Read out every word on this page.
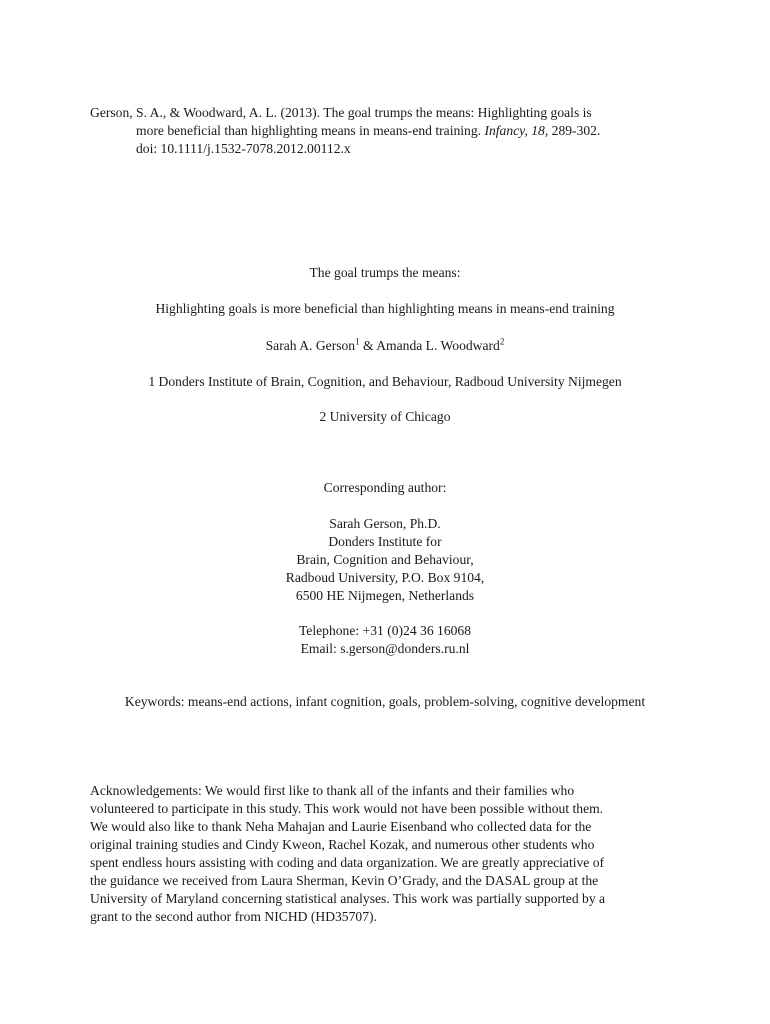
Gerson, S. A., & Woodward, A. L. (2013). The goal trumps the means: Highlighting goals is
more beneficial than highlighting means in means-end training. Infancy, 18, 289-302.
doi: 10.1111/j.1532-7078.2012.00112.x
The goal trumps the means:
Highlighting goals is more beneficial than highlighting means in means-end training
Sarah A. Gerson$^1$ & Amanda L. Woodward$^2$
1 Donders Institute of Brain, Cognition, and Behaviour, Radboud University Nijmegen
2 University of Chicago
Corresponding author:
Sarah Gerson, Ph.D.
Donders Institute for
Brain, Cognition and Behaviour,
Radboud University, P.O. Box 9104,
6500 HE Nijmegen, Netherlands
Telephone: +31 (0)24 36 16068
Email: s.gerson@donders.ru.nl
Keywords: means-end actions, infant cognition, goals, problem-solving, cognitive development
Acknowledgements: We would first like to thank all of the infants and their families who
volunteered to participate in this study. This work would not have been possible without them.
We would also like to thank Neha Mahajan and Laurie Eisenband who collected data for the
original training studies and Cindy Kweon, Rachel Kozak, and numerous other students who
spent endless hours assisting with coding and data organization. We are greatly appreciative of
the guidance we received from Laura Sherman, Kevin O’Grady, and the DASAL group at the
University of Maryland concerning statistical analyses. This work was partially supported by a
grant to the second author from NICHD (HD35707).
